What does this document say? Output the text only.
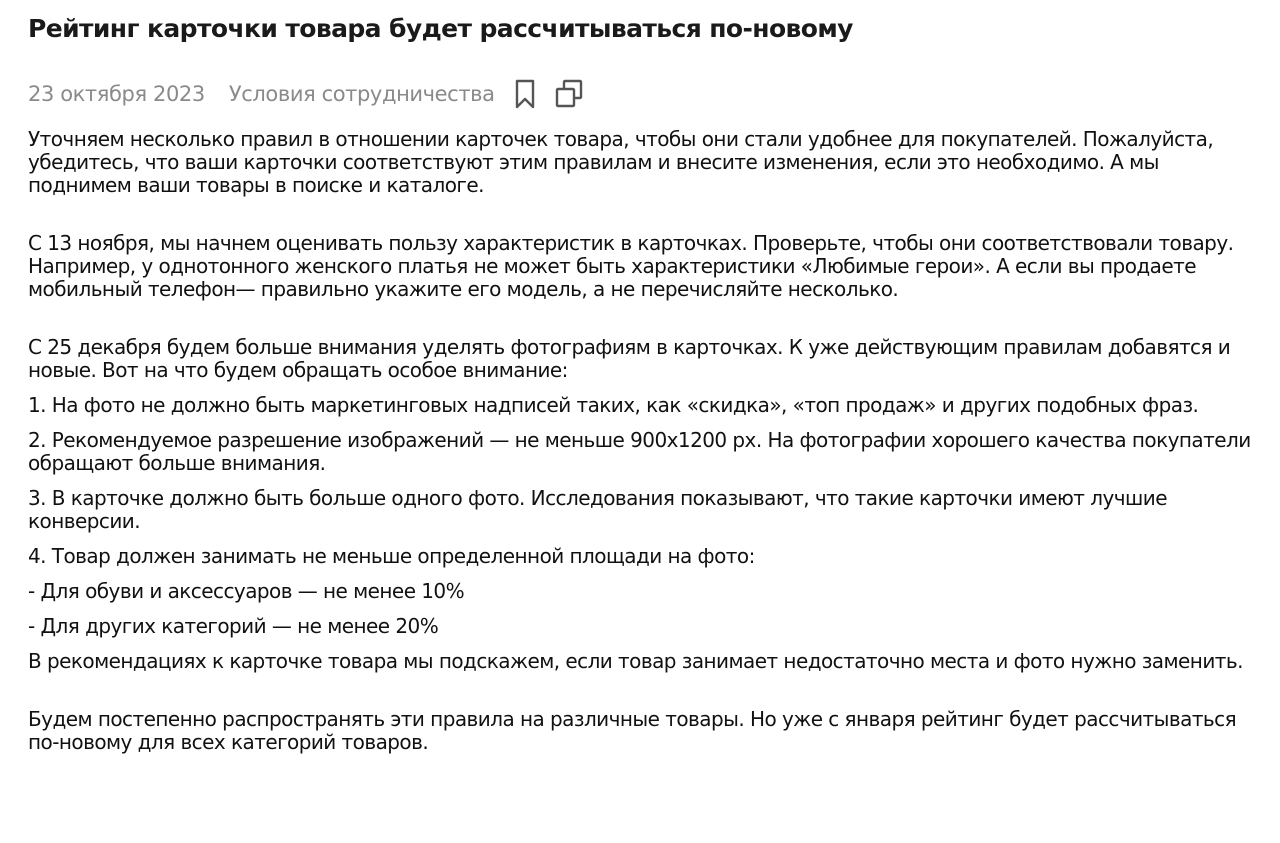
Рейтинг карточки товара будет рассчитываться по-новому
23 октября 2023 Условия сотрудничества

Уточняем несколько правил в отношении карточек товара, чтобы они стали удобнее для покупателей. Пожалуйста, убедитесь, что ваши карточки соответствуют этим правилам и внесите изменения, если это необходимо. А мы поднимем ваши товары в поиске и каталоге.

С 13 ноября, мы начнем оценивать пользу характеристик в карточках. Проверьте, чтобы они соответствовали товару. Например, у однотонного женского платья не может быть характеристики «Любимые герои». А если вы продаете мобильный телефон— правильно укажите его модель, а не перечисляйте несколько.

С 25 декабря будем больше внимания уделять фотографиям в карточках. К уже действующим правилам добавятся и новые. Вот на что будем обращать особое внимание:

1. На фото не должно быть маркетинговых надписей таких, как «скидка», «топ продаж» и других подобных фраз.

2. Рекомендуемое разрешение изображений — не меньше 900х1200 px. На фотографии хорошего качества покупатели обращают больше внимания.

3. В карточке должно быть больше одного фото. Исследования показывают, что такие карточки имеют лучшие конверсии.

4. Товар должен занимать не меньше определенной площади на фото:

- Для обуви и аксессуаров — не менее 10%

- Для других категорий — не менее 20%

В рекомендациях к карточке товара мы подскажем, если товар занимает недостаточно места и фото нужно заменить.

Будем постепенно распространять эти правила на различные товары. Но уже с января рейтинг будет рассчитываться по-новому для всех категорий товаров.
